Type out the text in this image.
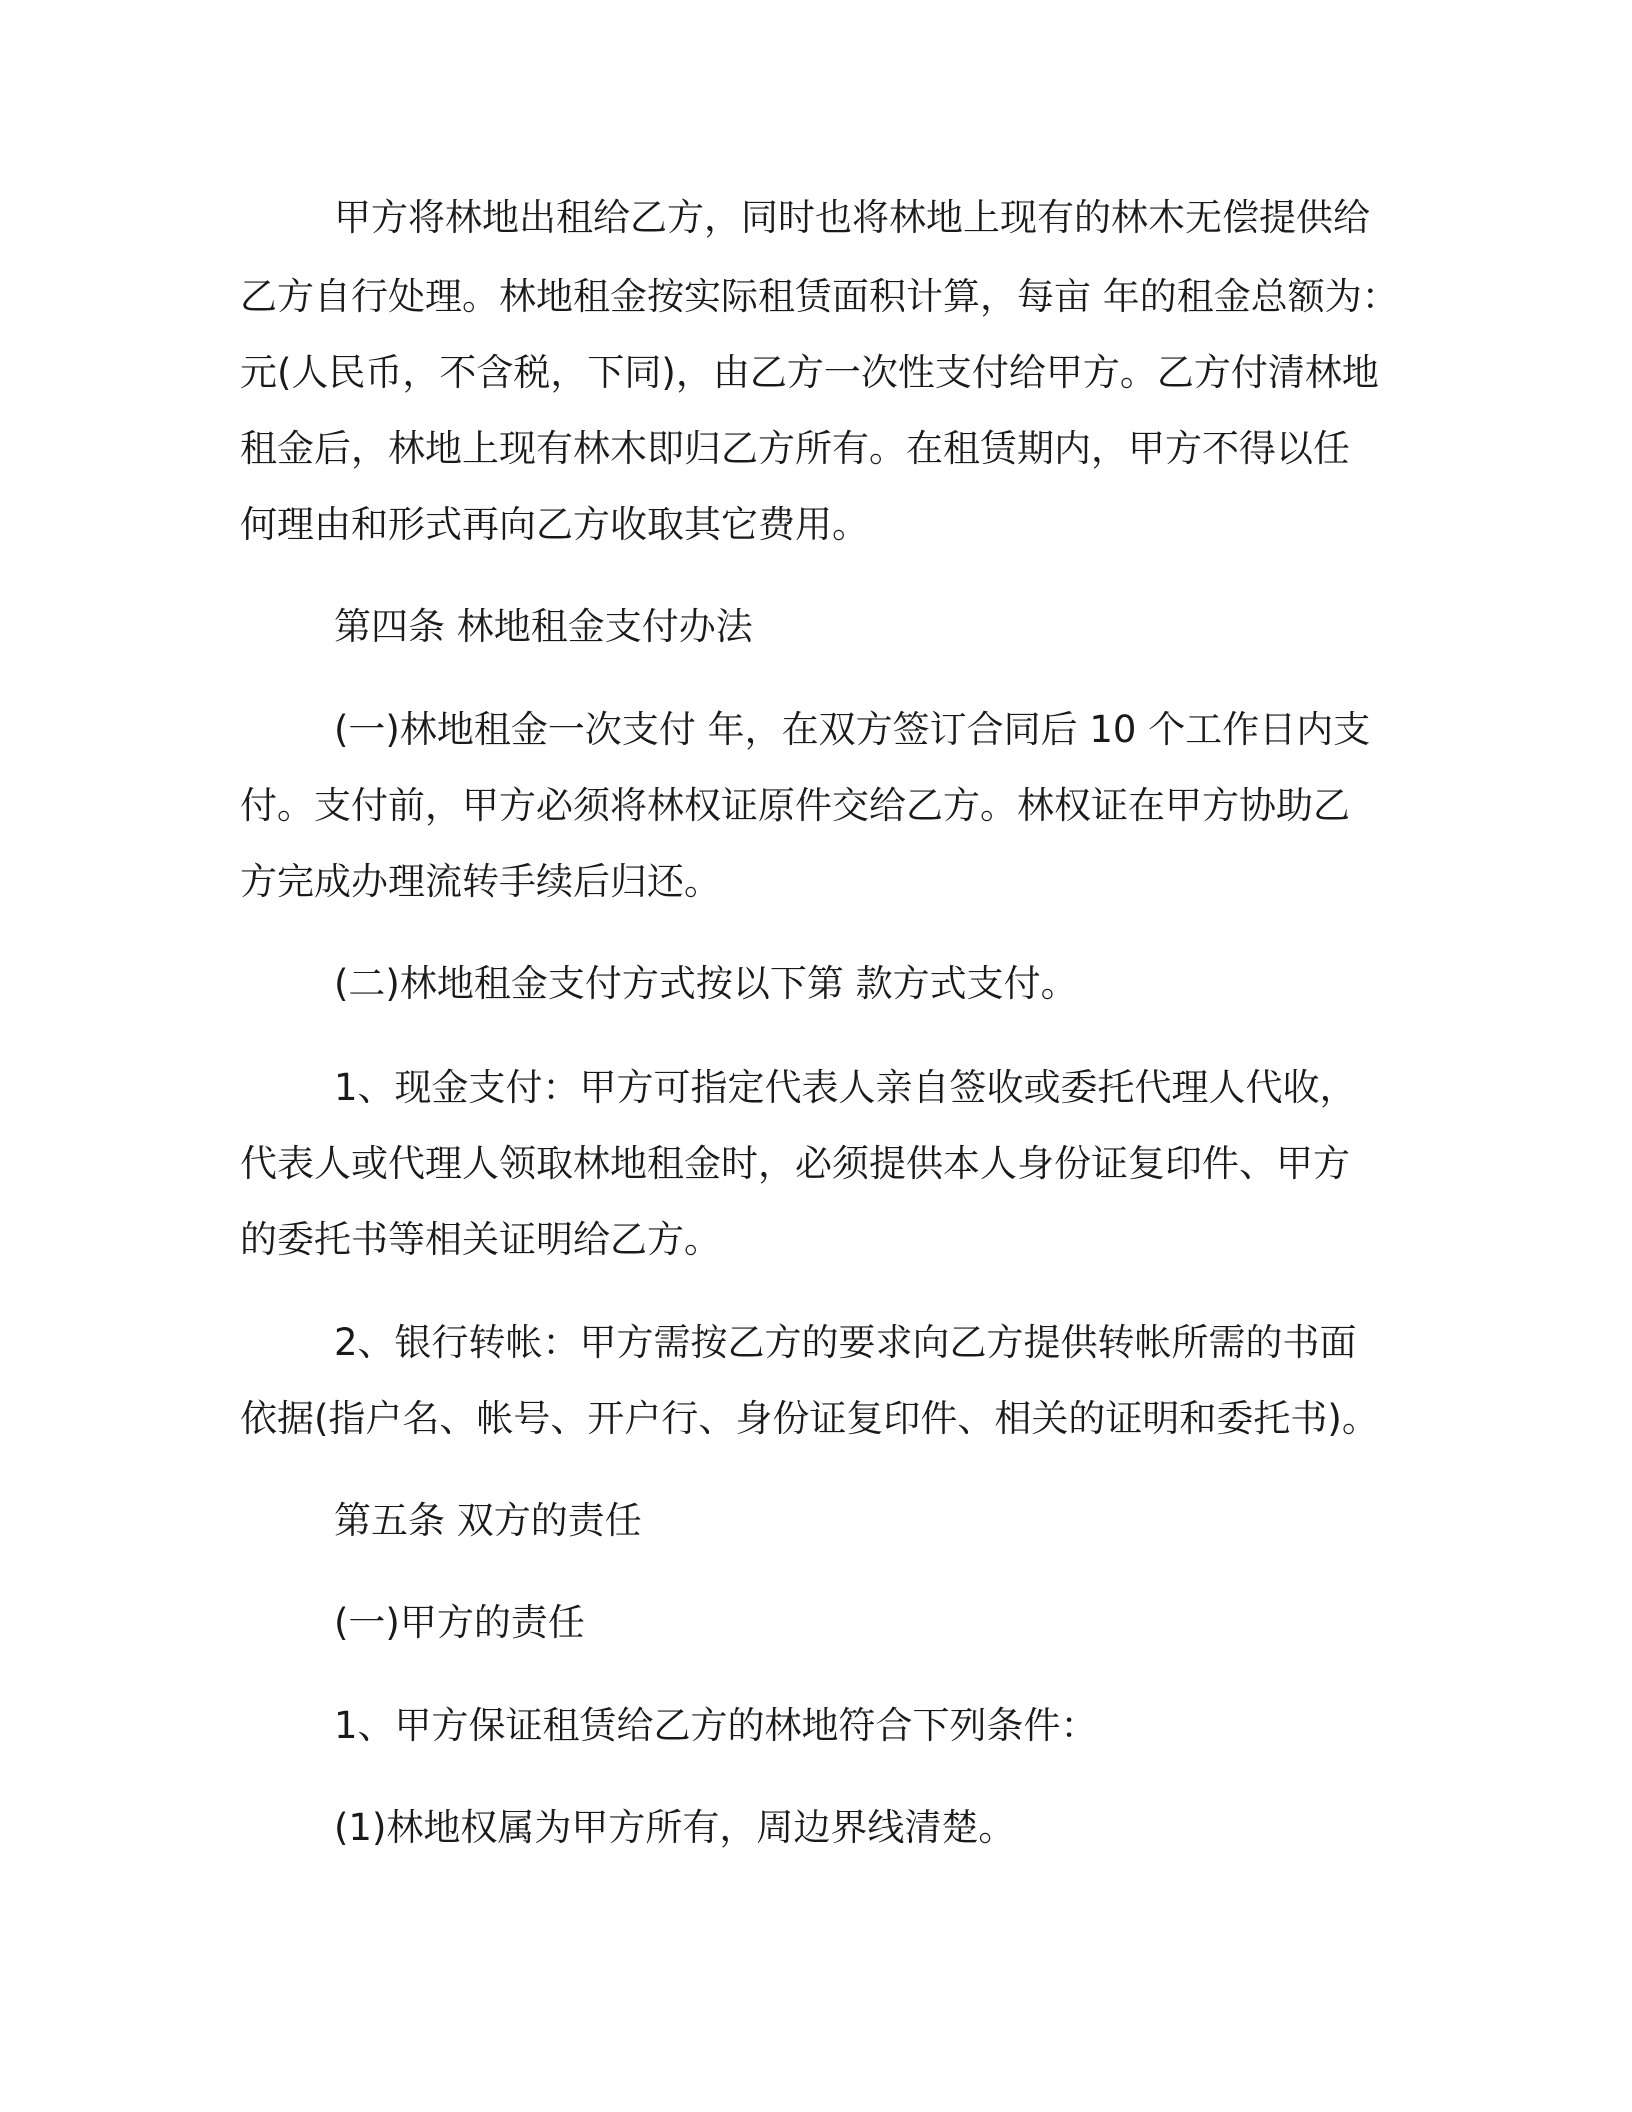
甲方将林地出租给乙方，同时也将林地上现有的林木无偿提供给

乙方自行处理。林地租金按实际租赁面积计算，每亩 年的租金总额为：

元(人民币，不含税，下同)，由乙方一次性支付给甲方。乙方付清林地

租金后，林地上现有林木即归乙方所有。在租赁期内，甲方不得以任

何理由和形式再向乙方收取其它费用。

第四条 林地租金支付办法

(一)林地租金一次支付 年，在双方签订合同后 10 个工作日内支

付。支付前，甲方必须将林权证原件交给乙方。林权证在甲方协助乙

方完成办理流转手续后归还。

(二)林地租金支付方式按以下第 款方式支付。

1、现金支付：甲方可指定代表人亲自签收或委托代理人代收，

代表人或代理人领取林地租金时，必须提供本人身份证复印件、甲方

的委托书等相关证明给乙方。

2、银行转帐：甲方需按乙方的要求向乙方提供转帐所需的书面

依据(指户名、帐号、开户行、身份证复印件、相关的证明和委托书)。

第五条 双方的责任

(一)甲方的责任

1、甲方保证租赁给乙方的林地符合下列条件：

(1)林地权属为甲方所有，周边界线清楚。
